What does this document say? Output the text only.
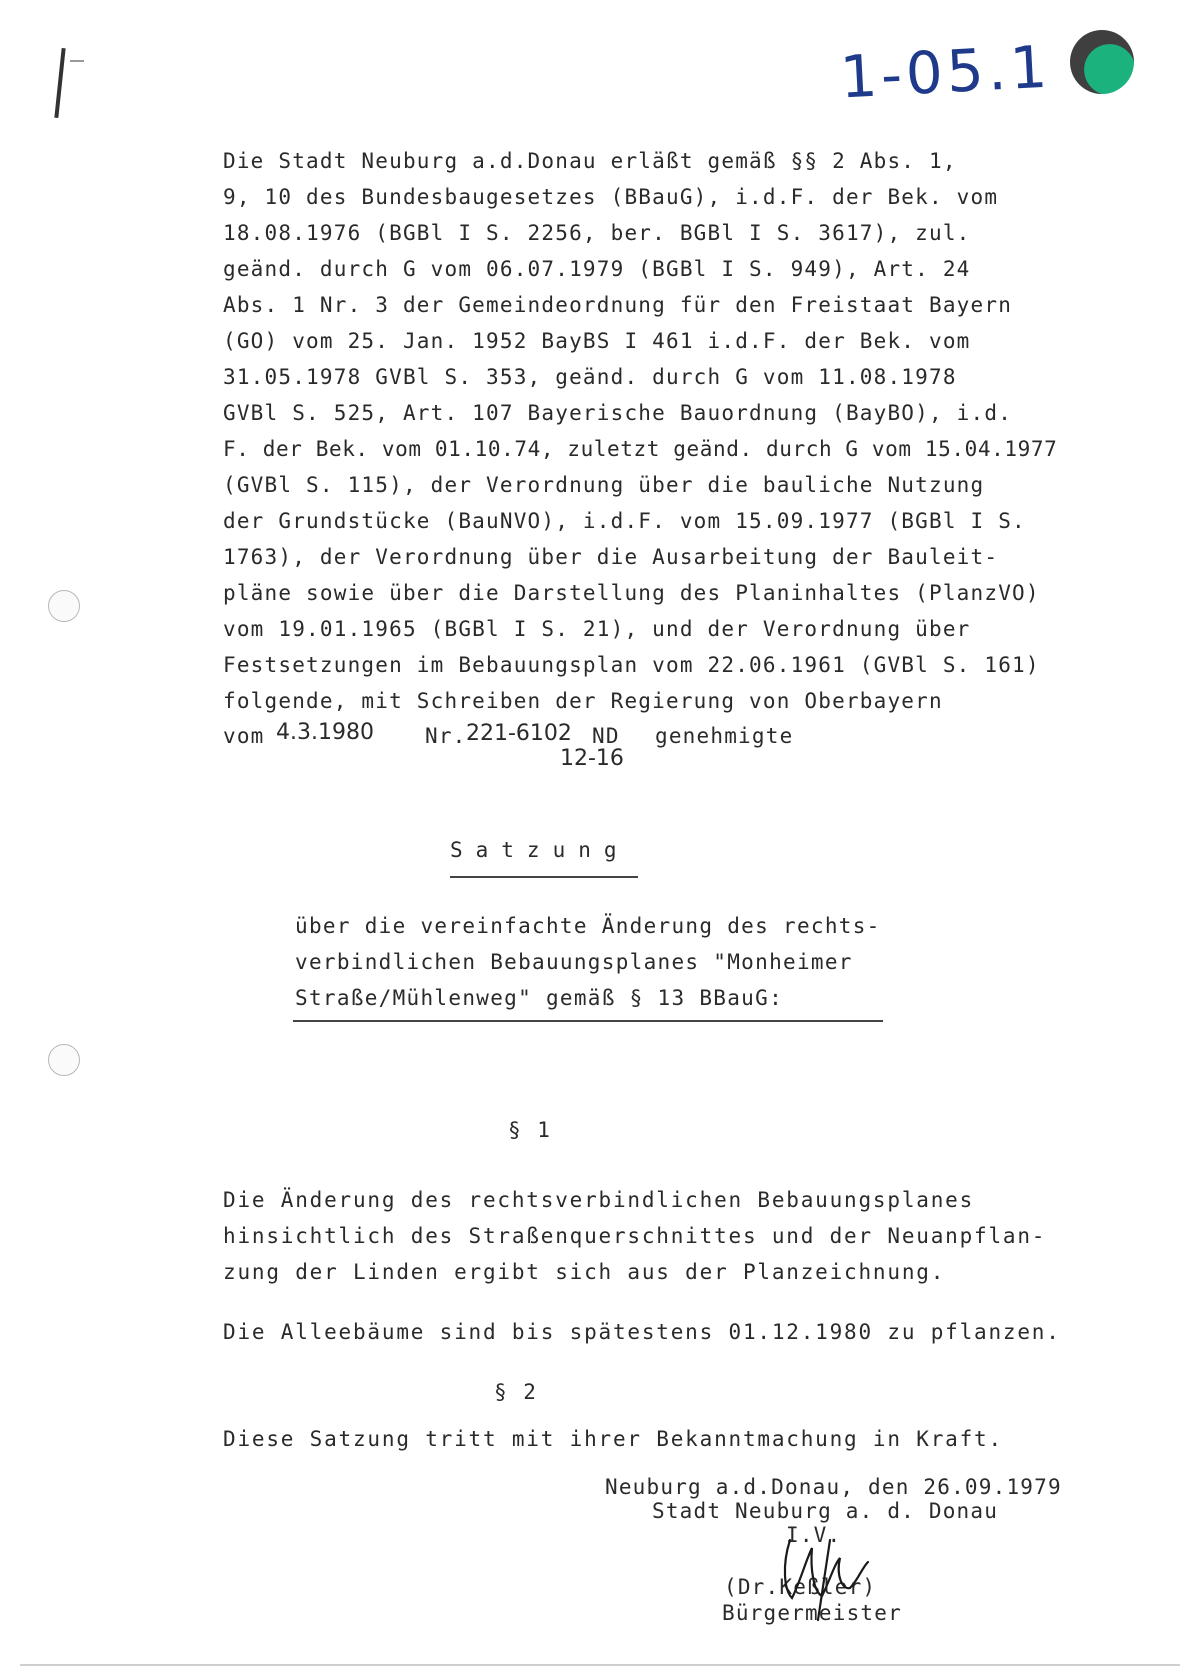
1-05.1
Die Stadt Neuburg a.d.Donau erläßt gemäß §§ 2 Abs. 1,
9, 10 des Bundesbaugesetzes (BBauG), i.d.F. der Bek. vom
18.08.1976 (BGBl I S. 2256, ber. BGBl I S. 3617), zul.
geänd. durch G vom 06.07.1979 (BGBl I S. 949), Art. 24
Abs. 1 Nr. 3 der Gemeindeordnung für den Freistaat Bayern
(GO) vom 25. Jan. 1952 BayBS I 461 i.d.F. der Bek. vom
31.05.1978 GVBl S. 353, geänd. durch G vom 11.08.1978
GVBl S. 525, Art. 107 Bayerische Bauordnung (BayBO), i.d.
F. der Bek. vom 01.10.74, zuletzt geänd. durch G vom 15.04.1977
(GVBl S. 115), der Verordnung über die bauliche Nutzung
der Grundstücke (BauNVO), i.d.F. vom 15.09.1977 (BGBl I S.
1763), der Verordnung über die Ausarbeitung der Bauleit-
pläne sowie über die Darstellung des Planinhaltes (PlanzVO)
vom 19.01.1965 (BGBl I S. 21), und der Verordnung über
Festsetzungen im Bebauungsplan vom 22.06.1961 (GVBl S. 161)
folgende, mit Schreiben der Regierung von Oberbayern
vom 4.3.1980 Nr. 221-6102 ND genehmigte
12-16
Satzung
über die vereinfachte Änderung des rechts-
verbindlichen Bebauungsplanes "Monheimer
Straße/Mühlenweg" gemäß § 13 BBauG:
§ 1
Die Änderung des rechtsverbindlichen Bebauungsplanes
hinsichtlich des Straßenquerschnittes und der Neuanpflan-
zung der Linden ergibt sich aus der Planzeichnung.
Die Alleebäume sind bis spätestens 01.12.1980 zu pflanzen.
§ 2
Diese Satzung tritt mit ihrer Bekanntmachung in Kraft.
Neuburg a.d.Donau, den 26.09.1979
Stadt Neuburg a. d. Donau
I.V.
(Dr.Keßler)
Bürgermeister
